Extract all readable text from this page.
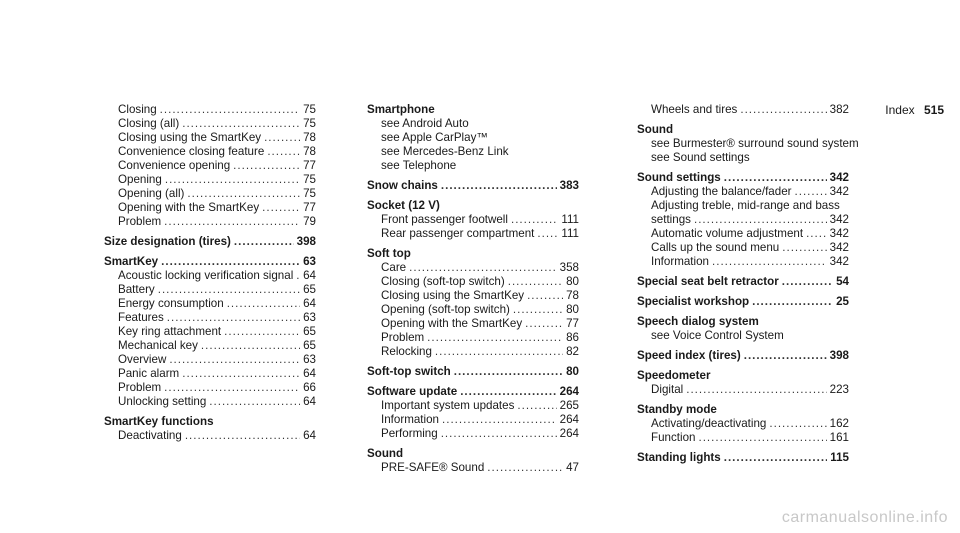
Index 515
Closing .....	75
Closing (all) .....	75
Closing using the SmartKey .....	78
Convenience closing feature .....	78
Convenience opening .....	77
Opening .....	75
Opening (all) .....	75
Opening with the SmartKey .....	77
Problem .....	79
Size designation (tires) .....	398
SmartKey .....	63
Acoustic locking verification signal ..... 64
Battery .....	65
Energy consumption .....	64
Features .....	63
Key ring attachment .....	65
Mechanical key .....	65
Overview .....	63
Panic alarm .....	64
Problem .....	66
Unlocking setting .....	64
SmartKey functions
Deactivating .....	64
Smartphone
see Android Auto
see Apple CarPlay™
see Mercedes-Benz Link
see Telephone
Snow chains .....	383
Socket (12 V)
Front passenger footwell .....	111
Rear passenger compartment ..... 111
Soft top
Care .....	358
Closing (soft-top switch) .....	80
Closing using the SmartKey .....	78
Opening (soft-top switch) .....	80
Opening with the SmartKey .....	77
Problem .....	86
Relocking .....	82
Soft-top switch .....	80
Software update .....	264
Important system updates .....	265
Information .....	264
Performing .....	264
Sound
PRE-SAFE® Sound .....	47
Wheels and tires .....	382
Sound
see Burmester® surround sound system
see Sound settings
Sound settings .....	342
Adjusting the balance/fader .....	342
Adjusting treble, mid-range and bass
settings .....	342
Automatic volume adjustment ..... 342
Calls up the sound menu .....	342
Information .....	342
Special seat belt retractor .....	54
Specialist workshop .....	25
Speech dialog system
see Voice Control System
Speed index (tires) .....	398
Speedometer
Digital .....	223
Standby mode
Activating/deactivating .....	162
Function .....	161
Standing lights .....	115
carmanualsonline.info
